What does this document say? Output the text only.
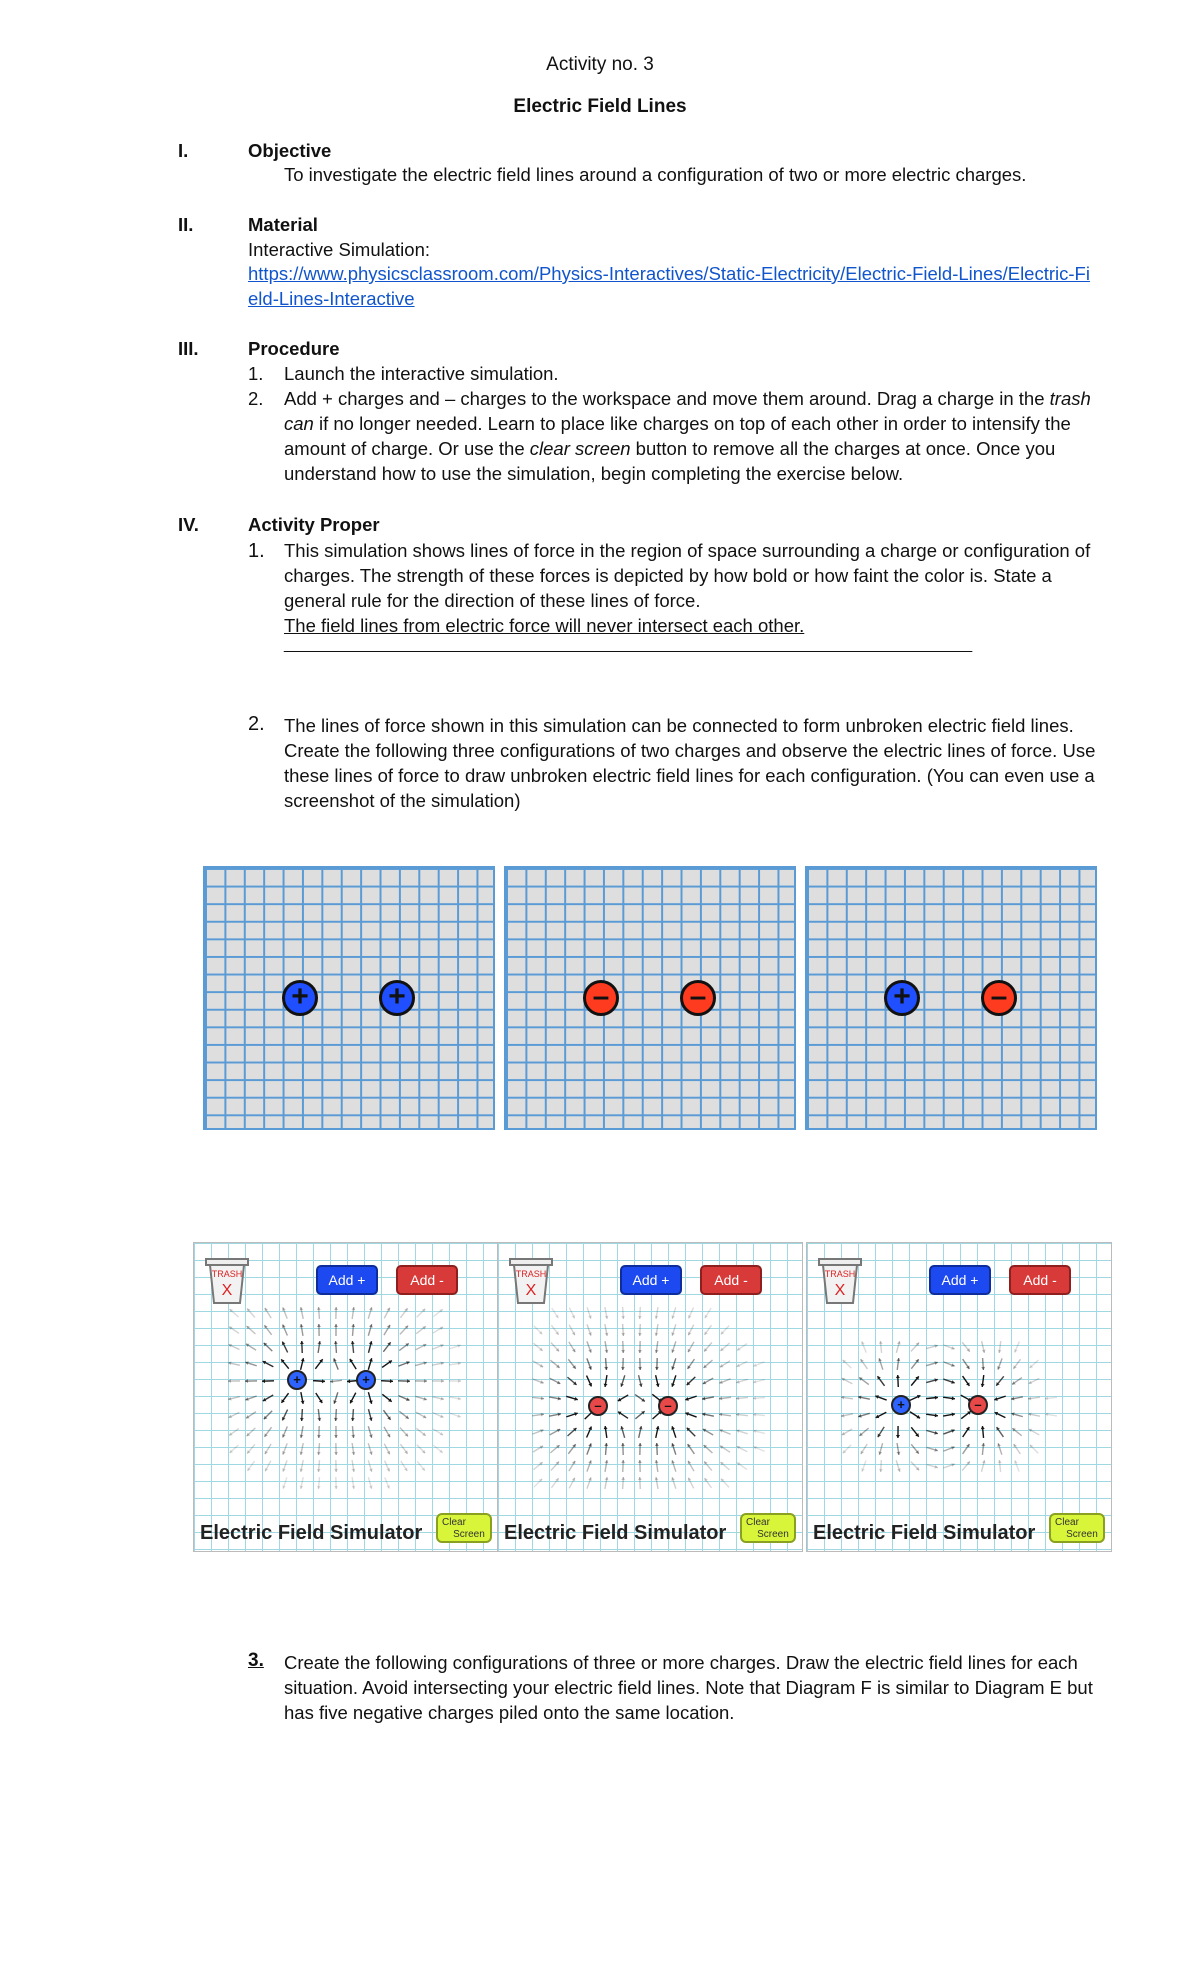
Activity no. 3
Electric Field Lines
I.	Objective
To investigate the electric field lines around a configuration of two or more electric charges.
II.	Material
Interactive Simulation:
https://www.physicsclassroom.com/Physics-Interactives/Static-Electricity/Electric-Field-Lines/Electric-Fi
eld-Lines-Interactive
III.	Procedure
1. Launch the interactive simulation.
2. Add + charges and – charges to the workspace and move them around. Drag a charge in the trash
can if no longer needed. Learn to place like charges on top of each other in order to intensify the
amount of charge. Or use the clear screen button to remove all the charges at once. Once you
understand how to use the simulation, begin completing the exercise below.
IV.	Activity Proper
1. This simulation shows lines of force in the region of space surrounding a charge or configuration of
charges. The strength of these forces is depicted by how bold or how faint the color is. State a
general rule for the direction of these lines of force.
The field lines from electric force will never intersect each other.
________________________________________________________________________________
2. The lines of force shown in this simulation can be connected to form unbroken electric field lines.
Create the following three configurations of two charges and observe the electric lines of force. Use
these lines of force to draw unbroken electric field lines for each configuration. (You can even use a
screenshot of the simulation)
+	+	–	–	+	–
TRASH
X
Add +	Add -
+	+
Electric Field Simulator	Clear
Screen
TRASH
X
Add +	Add -
–	–
Electric Field Simulator	Clear
Screen
TRASH
X
Add +	Add -
+	–
Electric Field Simulator	Clear
Screen
3.	Create the following configurations of three or more charges. Draw the electric field lines for each
situation. Avoid intersecting your electric field lines. Note that Diagram F is similar to Diagram E but
has five negative charges piled onto the same location.
